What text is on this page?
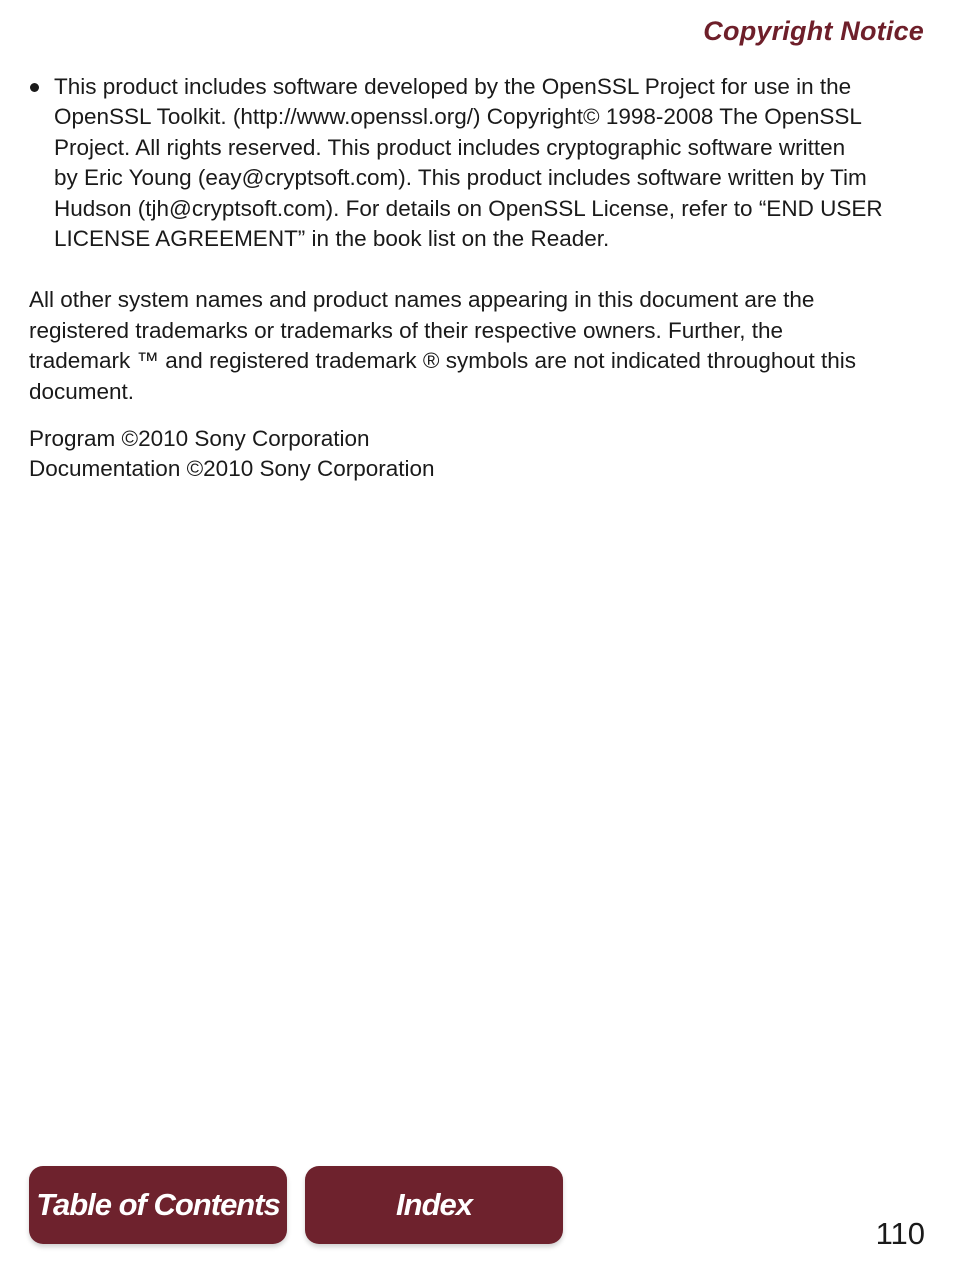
Copyright Notice
This product includes software developed by the OpenSSL Project for use in the
OpenSSL Toolkit. (http://www.openssl.org/) Copyright© 1998-2008 The OpenSSL
Project. All rights reserved. This product includes cryptographic software written
by Eric Young (eay@cryptsoft.com). This product includes software written by Tim
Hudson (tjh@cryptsoft.com). For details on OpenSSL License, refer to “END USER
LICENSE AGREEMENT” in the book list on the Reader.
All other system names and product names appearing in this document are the
registered trademarks or trademarks of their respective owners. Further, the
trademark ™ and registered trademark ® symbols are not indicated throughout this
document.
Program ©2010 Sony Corporation
Documentation ©2010 Sony Corporation
Table of Contents	Index
110
